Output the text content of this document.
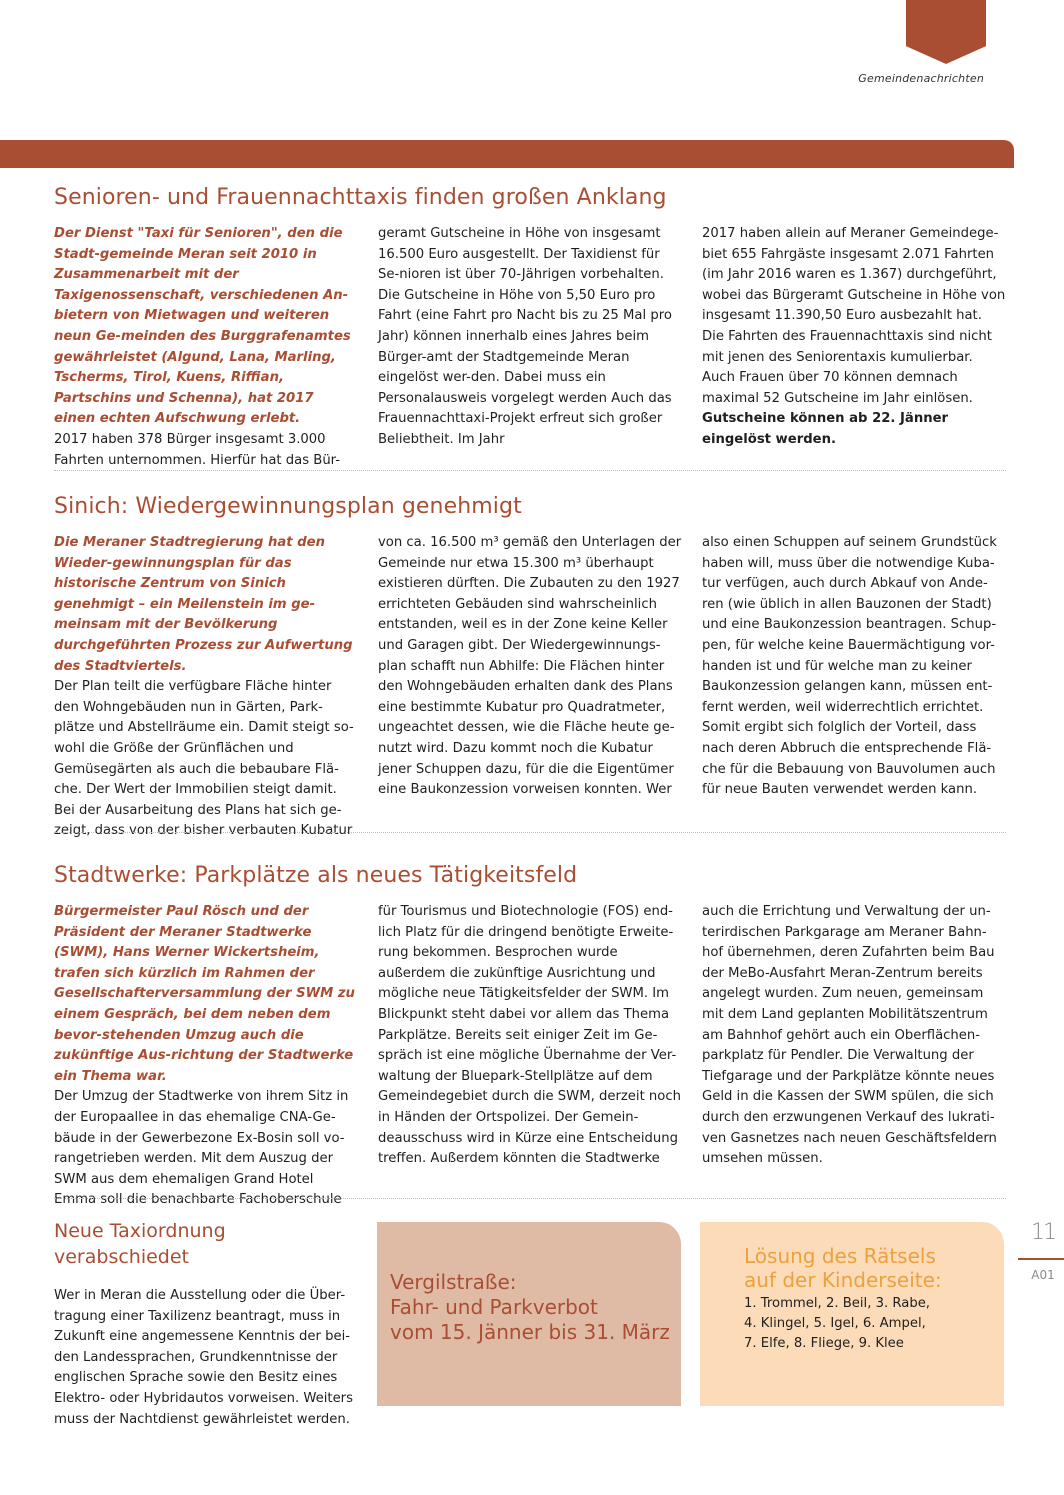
Gemeindenachrichten
Senioren- und Frauennachttaxis finden großen Anklang
Der Dienst "Taxi für Senioren", den die Stadt-gemeinde Meran seit 2010 in Zusammenarbeit mit der Taxigenossenschaft, verschiedenen An-bietern von Mietwagen und weiteren neun Ge-meinden des Burggrafenamtes gewährleistet (Algund, Lana, Marling, Tscherms, Tirol, Kuens, Riffian, Partschins und Schenna), hat 2017 einen echten Aufschwung erlebt.
2017 haben 378 Bürger insgesamt 3.000 Fahrten unternommen. Hierfür hat das Bür-
geramt Gutscheine in Höhe von insgesamt 16.500 Euro ausgestellt. Der Taxidienst für Se-nioren ist über 70-Jährigen vorbehalten. Die Gutscheine in Höhe von 5,50 Euro pro Fahrt (eine Fahrt pro Nacht bis zu 25 Mal pro Jahr) können innerhalb eines Jahres beim Bürger-amt der Stadtgemeinde Meran eingelöst wer-den. Dabei muss ein Personalausweis vorgelegt werden Auch das Frauennachttaxi-Projekt erfreut sich großer Beliebtheit. Im Jahr
2017 haben allein auf Meraner Gemeindege-biet 655 Fahrgäste insgesamt 2.071 Fahrten (im Jahr 2016 waren es 1.367) durchgeführt, wobei das Bürgeramt Gutscheine in Höhe von insgesamt 11.390,50 Euro ausbezahlt hat. Die Fahrten des Frauennachttaxis sind nicht mit jenen des Seniorentaxis kumulierbar. Auch Frauen über 70 können demnach maximal 52 Gutscheine im Jahr einlösen. Gutscheine können ab 22. Jänner eingelöst werden.
Sinich: Wiedergewinnungsplan genehmigt
Die Meraner Stadtregierung hat den Wieder-gewinnungsplan für das historische Zentrum von Sinich genehmigt – ein Meilenstein im ge-meinsam mit der Bevölkerung durchgeführten Prozess zur Aufwertung des Stadtviertels.
Der Plan teilt die verfügbare Fläche hinter den Wohngebäuden nun in Gärten, Park-plätze und Abstellräume ein. Damit steigt so-wohl die Größe der Grünflächen und Gemüsegärten als auch die bebaubare Flä-che. Der Wert der Immobilien steigt damit. Bei der Ausarbeitung des Plans hat sich ge-zeigt, dass von der bisher verbauten Kubatur
von ca. 16.500 m³ gemäß den Unterlagen der Gemeinde nur etwa 15.300 m³ überhaupt existieren dürften. Die Zubauten zu den 1927 errichteten Gebäuden sind wahrscheinlich entstanden, weil es in der Zone keine Keller und Garagen gibt. Der Wiedergewinnungs-plan schafft nun Abhilfe: Die Flächen hinter den Wohngebäuden erhalten dank des Plans eine bestimmte Kubatur pro Quadratmeter, ungeachtet dessen, wie die Fläche heute ge-nutzt wird. Dazu kommt noch die Kubatur jener Schuppen dazu, für die die Eigentümer eine Baukonzession vorweisen konnten. Wer
also einen Schuppen auf seinem Grundstück haben will, muss über die notwendige Kuba-tur verfügen, auch durch Abkauf von Ande-ren (wie üblich in allen Bauzonen der Stadt) und eine Baukonzession beantragen. Schup-pen, für welche keine Bauermächtigung vor-handen ist und für welche man zu keiner Baukonzession gelangen kann, müssen ent-fernt werden, weil widerrechtlich errichtet. Somit ergibt sich folglich der Vorteil, dass nach deren Abbruch die entsprechende Flä-che für die Bebauung von Bauvolumen auch für neue Bauten verwendet werden kann.
Stadtwerke: Parkplätze als neues Tätigkeitsfeld
Bürgermeister Paul Rösch und der Präsident der Meraner Stadtwerke (SWM), Hans Werner Wickertsheim, trafen sich kürzlich im Rahmen der Gesellschafterversammlung der SWM zu einem Gespräch, bei dem neben dem bevor-stehenden Umzug auch die zukünftige Aus-richtung der Stadtwerke ein Thema war.
Der Umzug der Stadtwerke von ihrem Sitz in der Europaallee in das ehemalige CNA-Ge-bäude in der Gewerbezone Ex-Bosin soll vo-rangetrieben werden. Mit dem Auszug der SWM aus dem ehemaligen Grand Hotel Emma soll die benachbarte Fachoberschule
für Tourismus und Biotechnologie (FOS) end-lich Platz für die dringend benötigte Erweite-rung bekommen. Besprochen wurde außerdem die zukünftige Ausrichtung und mögliche neue Tätigkeitsfelder der SWM. Im Blickpunkt steht dabei vor allem das Thema Parkplätze. Bereits seit einiger Zeit im Ge-spräch ist eine mögliche Übernahme der Ver-waltung der Bluepark-Stellplätze auf dem Gemeindegebiet durch die SWM, derzeit noch in Händen der Ortspolizei. Der Gemein-deausschuss wird in Kürze eine Entscheidung treffen. Außerdem könnten die Stadtwerke
auch die Errichtung und Verwaltung der un-terirdischen Parkgarage am Meraner Bahn-hof übernehmen, deren Zufahrten beim Bau der MeBo-Ausfahrt Meran-Zentrum bereits angelegt wurden. Zum neuen, gemeinsam mit dem Land geplanten Mobilitätszentrum am Bahnhof gehört auch ein Oberflächen-parkplatz für Pendler. Die Verwaltung der Tiefgarage und der Parkplätze könnte neues Geld in die Kassen der SWM spülen, die sich durch den erzwungenen Verkauf des lukrati-ven Gasnetzes nach neuen Geschäftsfeldern umsehen müssen.
Neue Taxiordnung verabschiedet

Wer in Meran die Ausstellung oder die Über-tragung einer Taxilizenz beantragt, muss in Zukunft eine angemessene Kenntnis der bei-den Landessprachen, Grundkenntnisse der englischen Sprache sowie den Besitz eines Elektro- oder Hybridautos vorweisen. Weiters muss der Nachtdienst gewährleistet werden.

Vergilstraße:
Fahr- und Parkverbot
vom 15. Jänner bis 31. März
Lösung des Rätsels
auf der Kinderseite:
1. Trommel, 2. Beil, 3. Rabe,
4. Klingel, 5. Igel, 6. Ampel,
7. Elfe, 8. Fliege, 9. Klee
11
A01
